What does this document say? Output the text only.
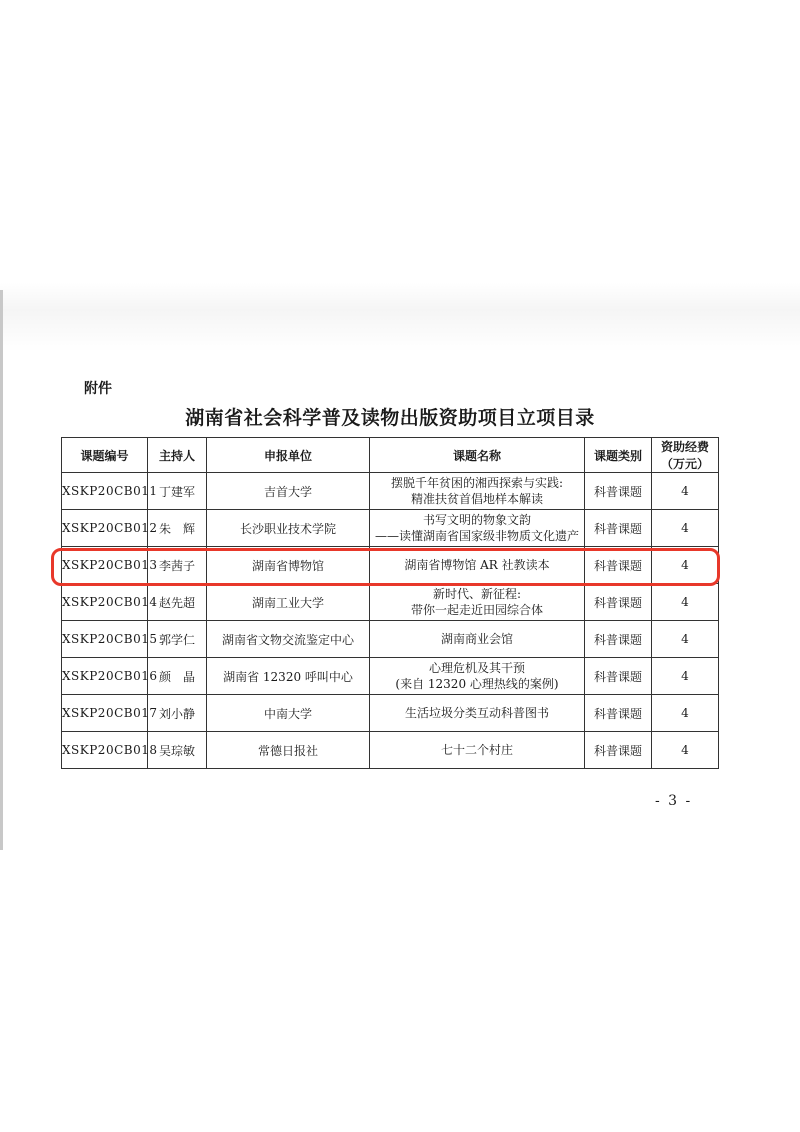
附件
湖南省社会科学普及读物出版资助项目立项目录
课题编号	主持人	申报单位	课题名称	课题类别	资助经费
（万元）

XSKP20CB011	丁建军	吉首大学	摆脱千年贫困的湘西探索与实践:
精准扶贫首倡地样本解读	科普课题	4
XSKP20CB012	朱　辉	长沙职业技术学院	书写文明的物象文韵
——读懂湖南省国家级非物质文化遗产	科普课题	4
XSKP20CB013	李茜子	湖南省博物馆	湖南省博物馆 AR 社教读本	科普课题	4
XSKP20CB014	赵先超	湖南工业大学	新时代、新征程:
带你一起走近田园综合体	科普课题	4
XSKP20CB015	郭学仁	湖南省文物交流鉴定中心	湖南商业会馆	科普课题	4
XSKP20CB016	颜　晶	湖南省 12320 呼叫中心	心理危机及其干预
(来自 12320 心理热线的案例)	科普课题	4
XSKP20CB017	刘小静	中南大学	生活垃圾分类互动科普图书	科普课题	4
XSKP20CB018	吴琮敏	常德日报社	七十二个村庄	科普课题	4
- 3 -
